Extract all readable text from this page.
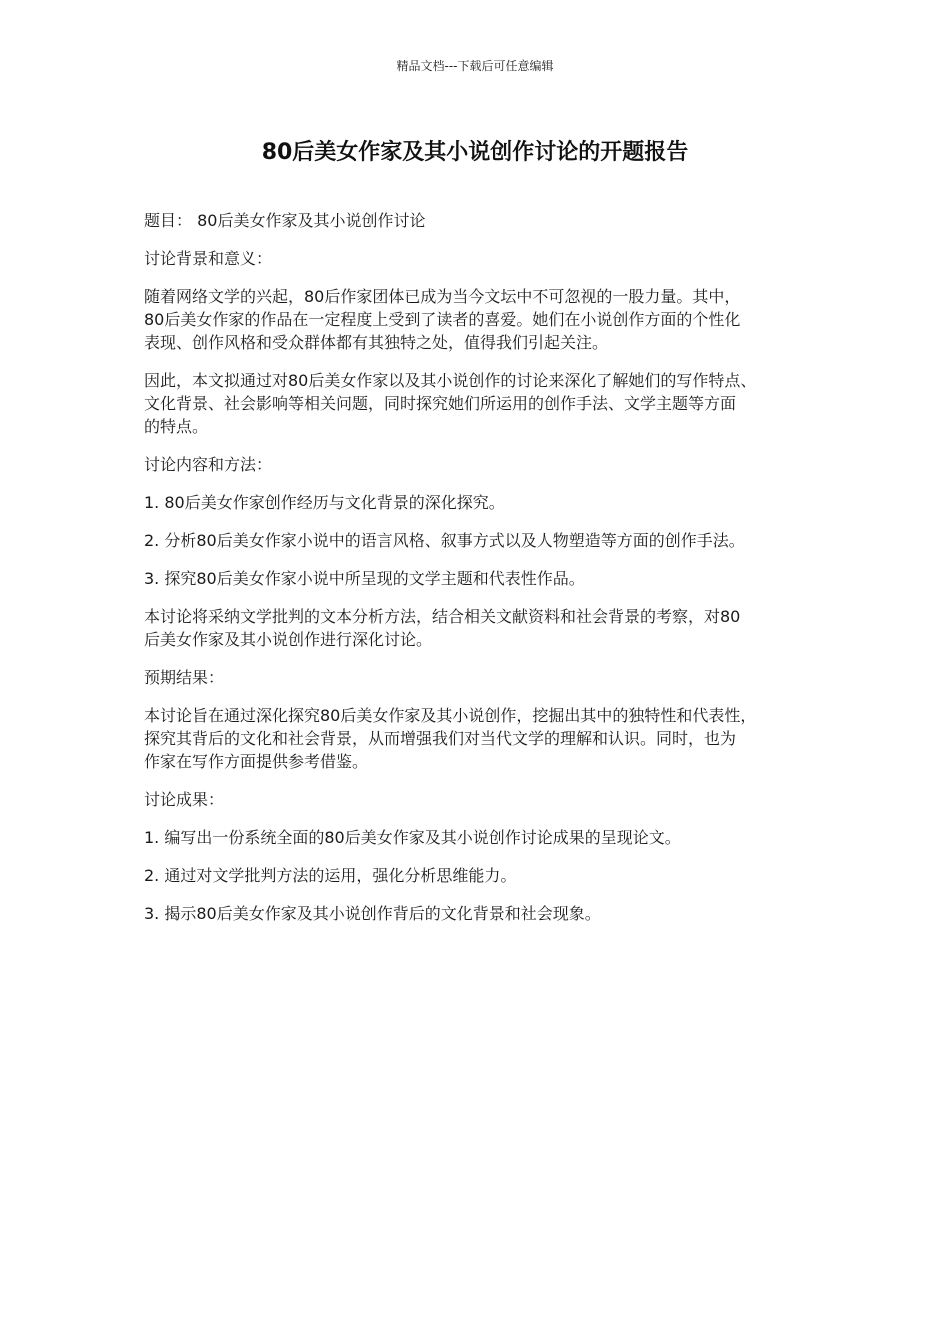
精品文档---下载后可任意编辑
80后美女作家及其小说创作讨论的开题报告

题目： 80后美女作家及其小说创作讨论

讨论背景和意义：

随着网络文学的兴起，80后作家团体已成为当今文坛中不可忽视的一股力量。其中，
80后美女作家的作品在一定程度上受到了读者的喜爱。她们在小说创作方面的个性化
表现、创作风格和受众群体都有其独特之处，值得我们引起关注。

因此，本文拟通过对80后美女作家以及其小说创作的讨论来深化了解她们的写作特点、
文化背景、社会影响等相关问题，同时探究她们所运用的创作手法、文学主题等方面
的特点。

讨论内容和方法：

1. 80后美女作家创作经历与文化背景的深化探究。

2. 分析80后美女作家小说中的语言风格、叙事方式以及人物塑造等方面的创作手法。

3. 探究80后美女作家小说中所呈现的文学主题和代表性作品。

本讨论将采纳文学批判的文本分析方法，结合相关文献资料和社会背景的考察，对80
后美女作家及其小说创作进行深化讨论。

预期结果：

本讨论旨在通过深化探究80后美女作家及其小说创作，挖掘出其中的独特性和代表性，
探究其背后的文化和社会背景，从而增强我们对当代文学的理解和认识。同时，也为
作家在写作方面提供参考借鉴。

讨论成果：

1. 编写出一份系统全面的80后美女作家及其小说创作讨论成果的呈现论文。

2. 通过对文学批判方法的运用，强化分析思维能力。

3. 揭示80后美女作家及其小说创作背后的文化背景和社会现象。
